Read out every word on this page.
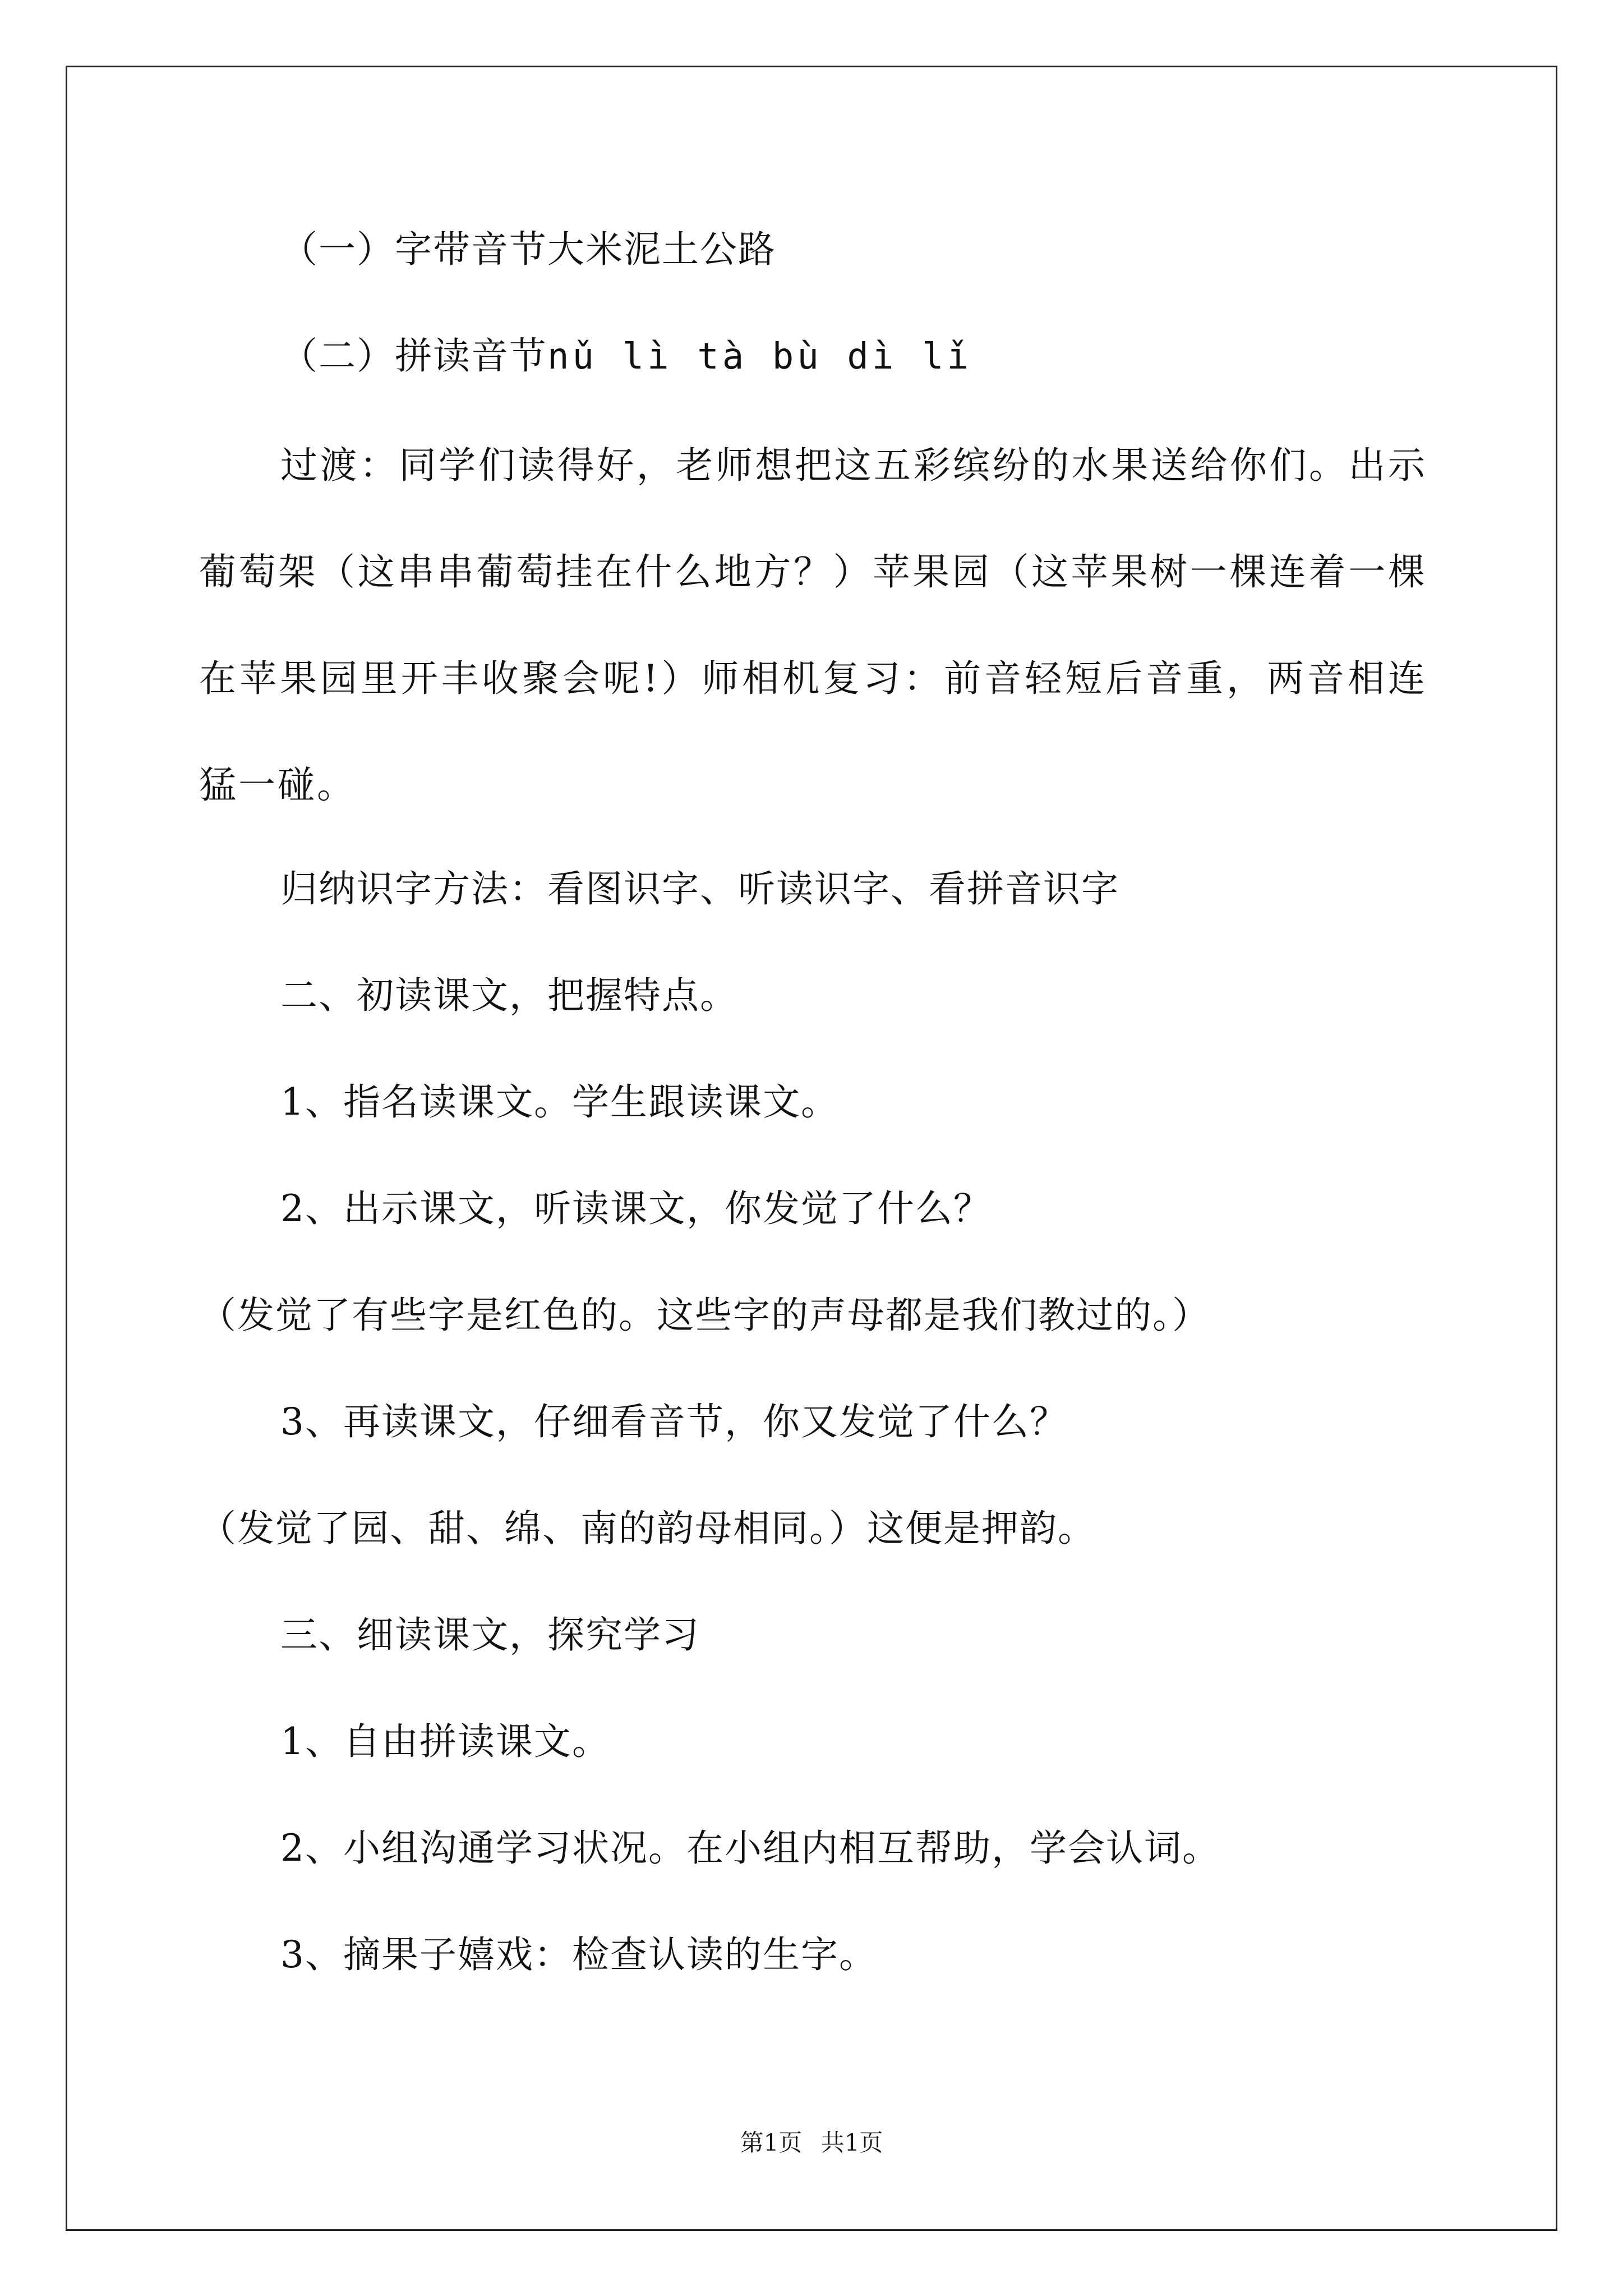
（一）字带音节大米泥土公路
（二）拼读音节nǔ lì tà bù dì lǐ
过渡：同学们读得好，老师想把这五彩缤纷的水果送给你们。出示葡萄架（这串串葡萄挂在什么地方？）苹果园（这苹果树一棵连着一棵在苹果园里开丰收聚会呢!）师相机复习：前音轻短后音重，两音相连猛一碰。
归纳识字方法：看图识字、听读识字、看拼音识字
二、初读课文，把握特点。
1、指名读课文。学生跟读课文。
2、出示课文，听读课文，你发觉了什么？
（发觉了有些字是红色的。这些字的声母都是我们教过的。）
3、再读课文，仔细看音节，你又发觉了什么？
（发觉了园、甜、绵、南的韵母相同。）这便是押韵。
三、细读课文，探究学习
1、自由拼读课文。
2、小组沟通学习状况。在小组内相互帮助，学会认词。
3、摘果子嬉戏：检查认读的生字。
第1页 共1页
